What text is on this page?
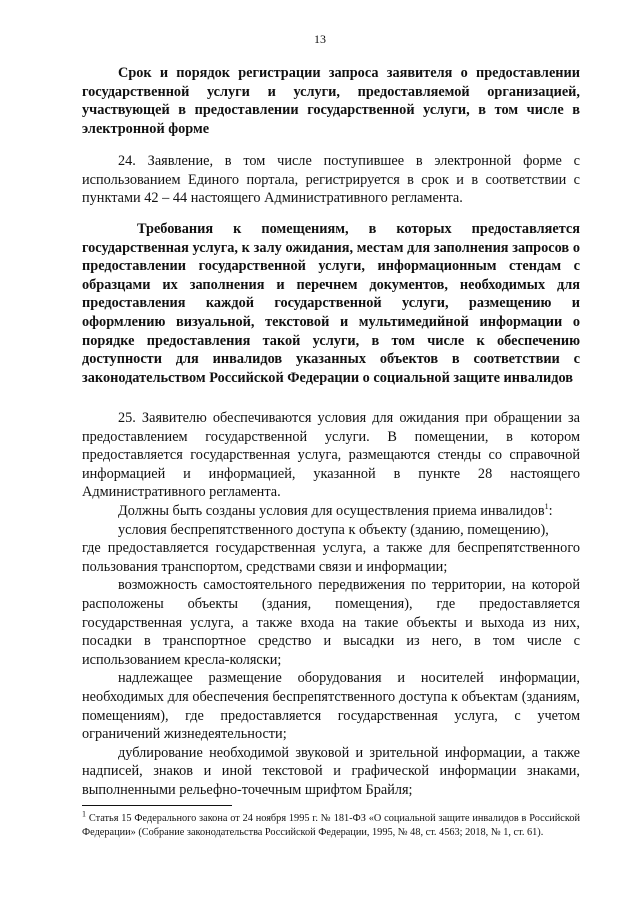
13

Срок и порядок регистрации запроса заявителя о предоставлении государственной услуги и услуги, предоставляемой организацией, участвующей в предоставлении государственной услуги, в том числе в электронной форме

24. Заявление, в том числе поступившее в электронной форме с использованием Единого портала, регистрируется в срок и в соответствии с пунктами 42 – 44 настоящего Административного регламента.

Требования к помещениям, в которых предоставляется государственная услуга, к залу ожидания, местам для заполнения запросов о предоставлении государственной услуги, информационным стендам с образцами их заполнения и перечнем документов, необходимых для предоставления каждой государственной услуги, размещению и оформлению визуальной, текстовой и мультимедийной информации о порядке предоставления такой услуги, в том числе к обеспечению доступности для инвалидов указанных объектов в соответствии с законодательством Российской Федерации о социальной защите инвалидов

25. Заявителю обеспечиваются условия для ожидания при обращении за предоставлением государственной услуги. В помещении, в котором предоставляется государственная услуга, размещаются стенды со справочной информацией и информацией, указанной в пункте 28 настоящего Административного регламента.

Должны быть созданы условия для осуществления приема инвалидов$^1$:

условия беспрепятственного доступа к объекту (зданию, помещению),

где предоставляется государственная услуга, а также для беспрепятственного пользования транспортом, средствами связи и информации;

возможность самостоятельного передвижения по территории, на которой расположены объекты (здания, помещения), где предоставляется государственная услуга, а также входа на такие объекты и выхода из них, посадки в транспортное средство и высадки из него, в том числе с использованием кресла-коляски;

надлежащее размещение оборудования и носителей информации, необходимых для обеспечения беспрепятственного доступа к объектам (зданиям, помещениям), где предоставляется государственная услуга, с учетом ограничений жизнедеятельности;

дублирование необходимой звуковой и зрительной информации, а также надписей, знаков и иной текстовой и графической информации знаками, выполненными рельефно-точечным шрифтом Брайля;

$^1$ Статья 15 Федерального закона от 24 ноября 1995 г. № 181-ФЗ «О социальной защите инвалидов в Российской Федерации» (Собрание законодательства Российской Федерации, 1995, № 48, ст. 4563; 2018, № 1, ст. 61).
